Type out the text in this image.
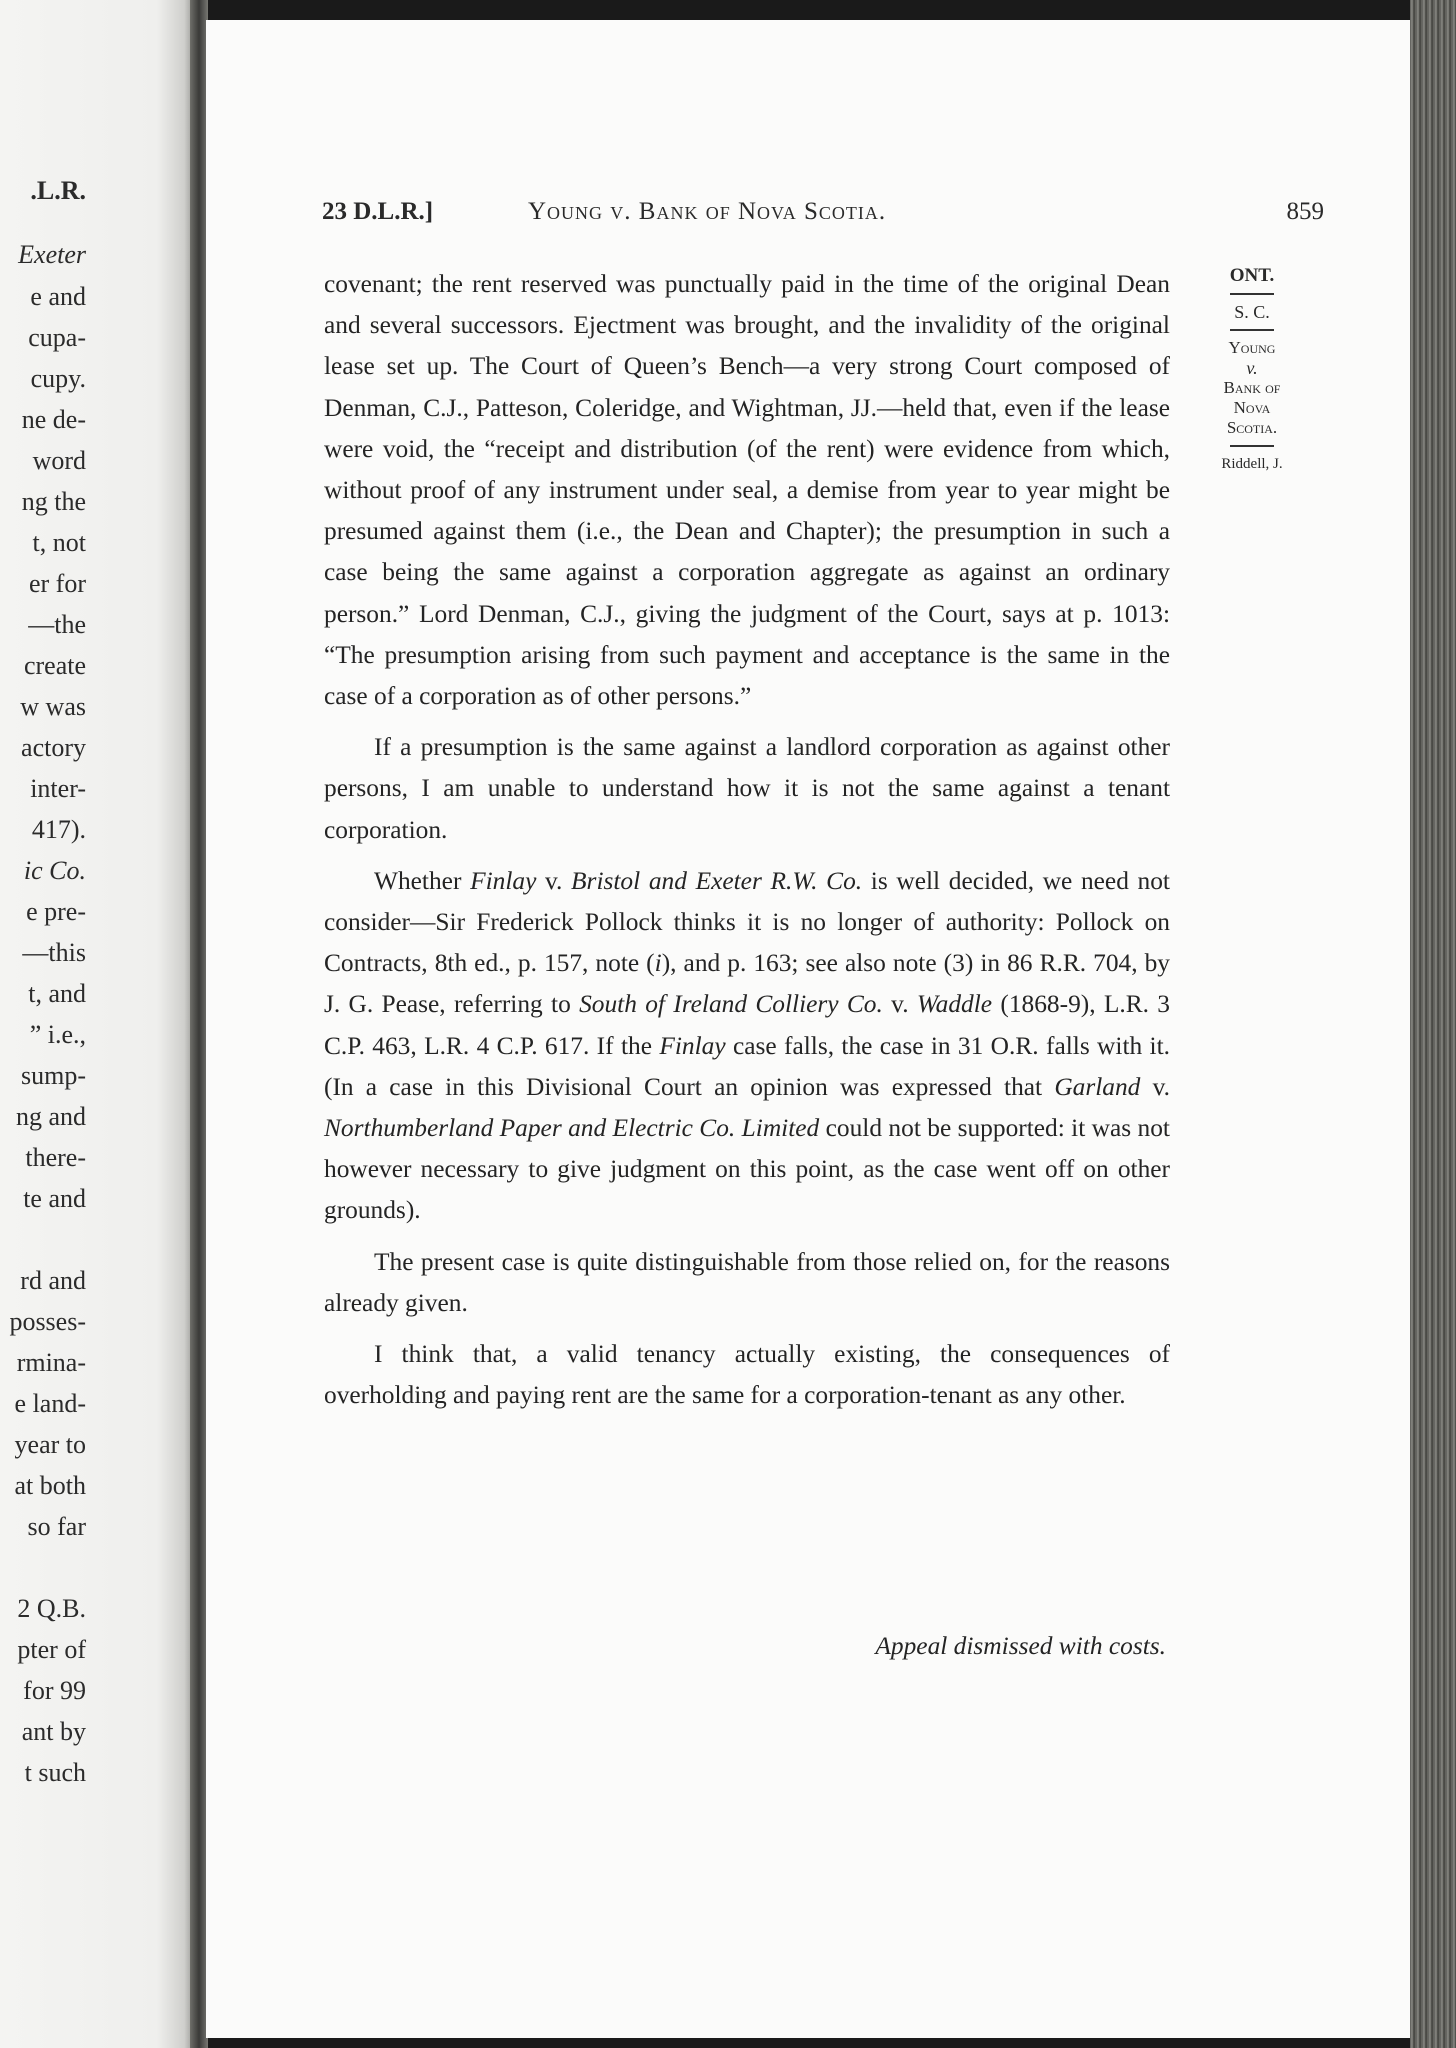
.L.R.
Exeter
e and
cupa-
cupy.
ne de-
word
ng the
t, not
er for
—the
create
w was
actory
inter-
417).
ic Co.
e pre-
—this
t, and
” i.e.,
sump-
ng and
there-
te and
rd and
posses-
rmina-
e land-
year to
at both
so far
2 Q.B.
pter of
for 99
ant by
t such
23 D.L.R.]	Young v. Bank of Nova Scotia.	859
ONT.
S. C.
Young
v.
Bank of
Nova
Scotia.
Riddell, J.

covenant; the rent reserved was punctually paid in the time of the original Dean and several successors. Ejectment was brought, and the invalidity of the original lease set up. The Court of Queen’s Bench—a very strong Court composed of Denman, C.J., Patteson, Coleridge, and Wightman, JJ.—held that, even if the lease were void, the “receipt and distribution (of the rent) were evidence from which, without proof of any instrument under seal, a demise from year to year might be presumed against them (i.e., the Dean and Chapter); the presumption in such a case being the same against a corporation aggregate as against an ordinary person.” Lord Denman, C.J., giving the judgment of the Court, says at p. 1013: “The presumption arising from such payment and acceptance is the same in the case of a corporation as of other persons.”

If a presumption is the same against a landlord corporation as against other persons, I am unable to understand how it is not the same against a tenant corporation.

Whether Finlay v. Bristol and Exeter R.W. Co. is well decided, we need not consider—Sir Frederick Pollock thinks it is no longer of authority: Pollock on Contracts, 8th ed., p. 157, note (i), and p. 163; see also note (3) in 86 R.R. 704, by J. G. Pease, referring to South of Ireland Colliery Co. v. Waddle (1868-9), L.R. 3 C.P. 463, L.R. 4 C.P. 617. If the Finlay case falls, the case in 31 O.R. falls with it. (In a case in this Divisional Court an opinion was expressed that Garland v. Northumberland Paper and Electric Co. Limited could not be supported: it was not however necessary to give judgment on this point, as the case went off on other grounds).

The present case is quite distinguishable from those relied on, for the reasons already given.

I think that, a valid tenancy actually existing, the consequences of overholding and paying rent are the same for a corporation-tenant as any other.

Appeal dismissed with costs.
